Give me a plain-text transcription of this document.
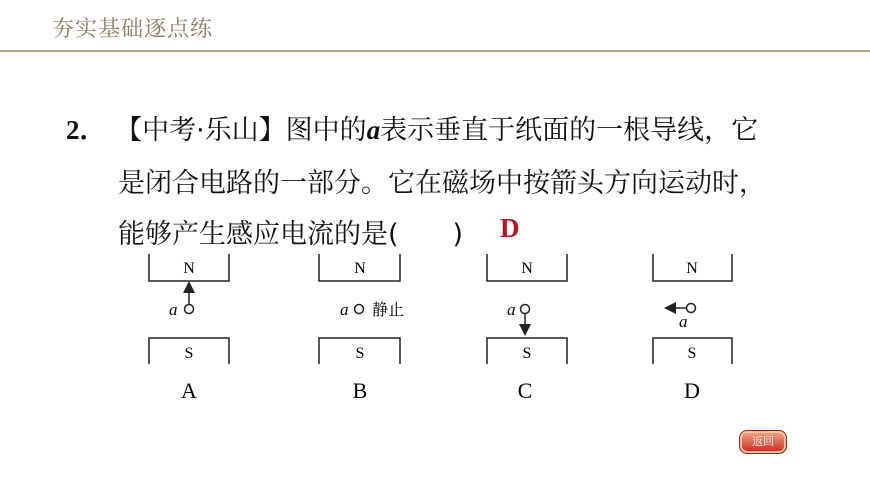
夯实基础逐点练
2． 【中考·乐山】图中的a表示垂直于纸面的一根导线，它
是闭合电路的一部分。它在磁场中按箭头方向运动时，
能够产生感应电流的是(　　) D
N
S
a
A
N
S
a 静止
B
N
S
a
C
N
S
a
D
返回
